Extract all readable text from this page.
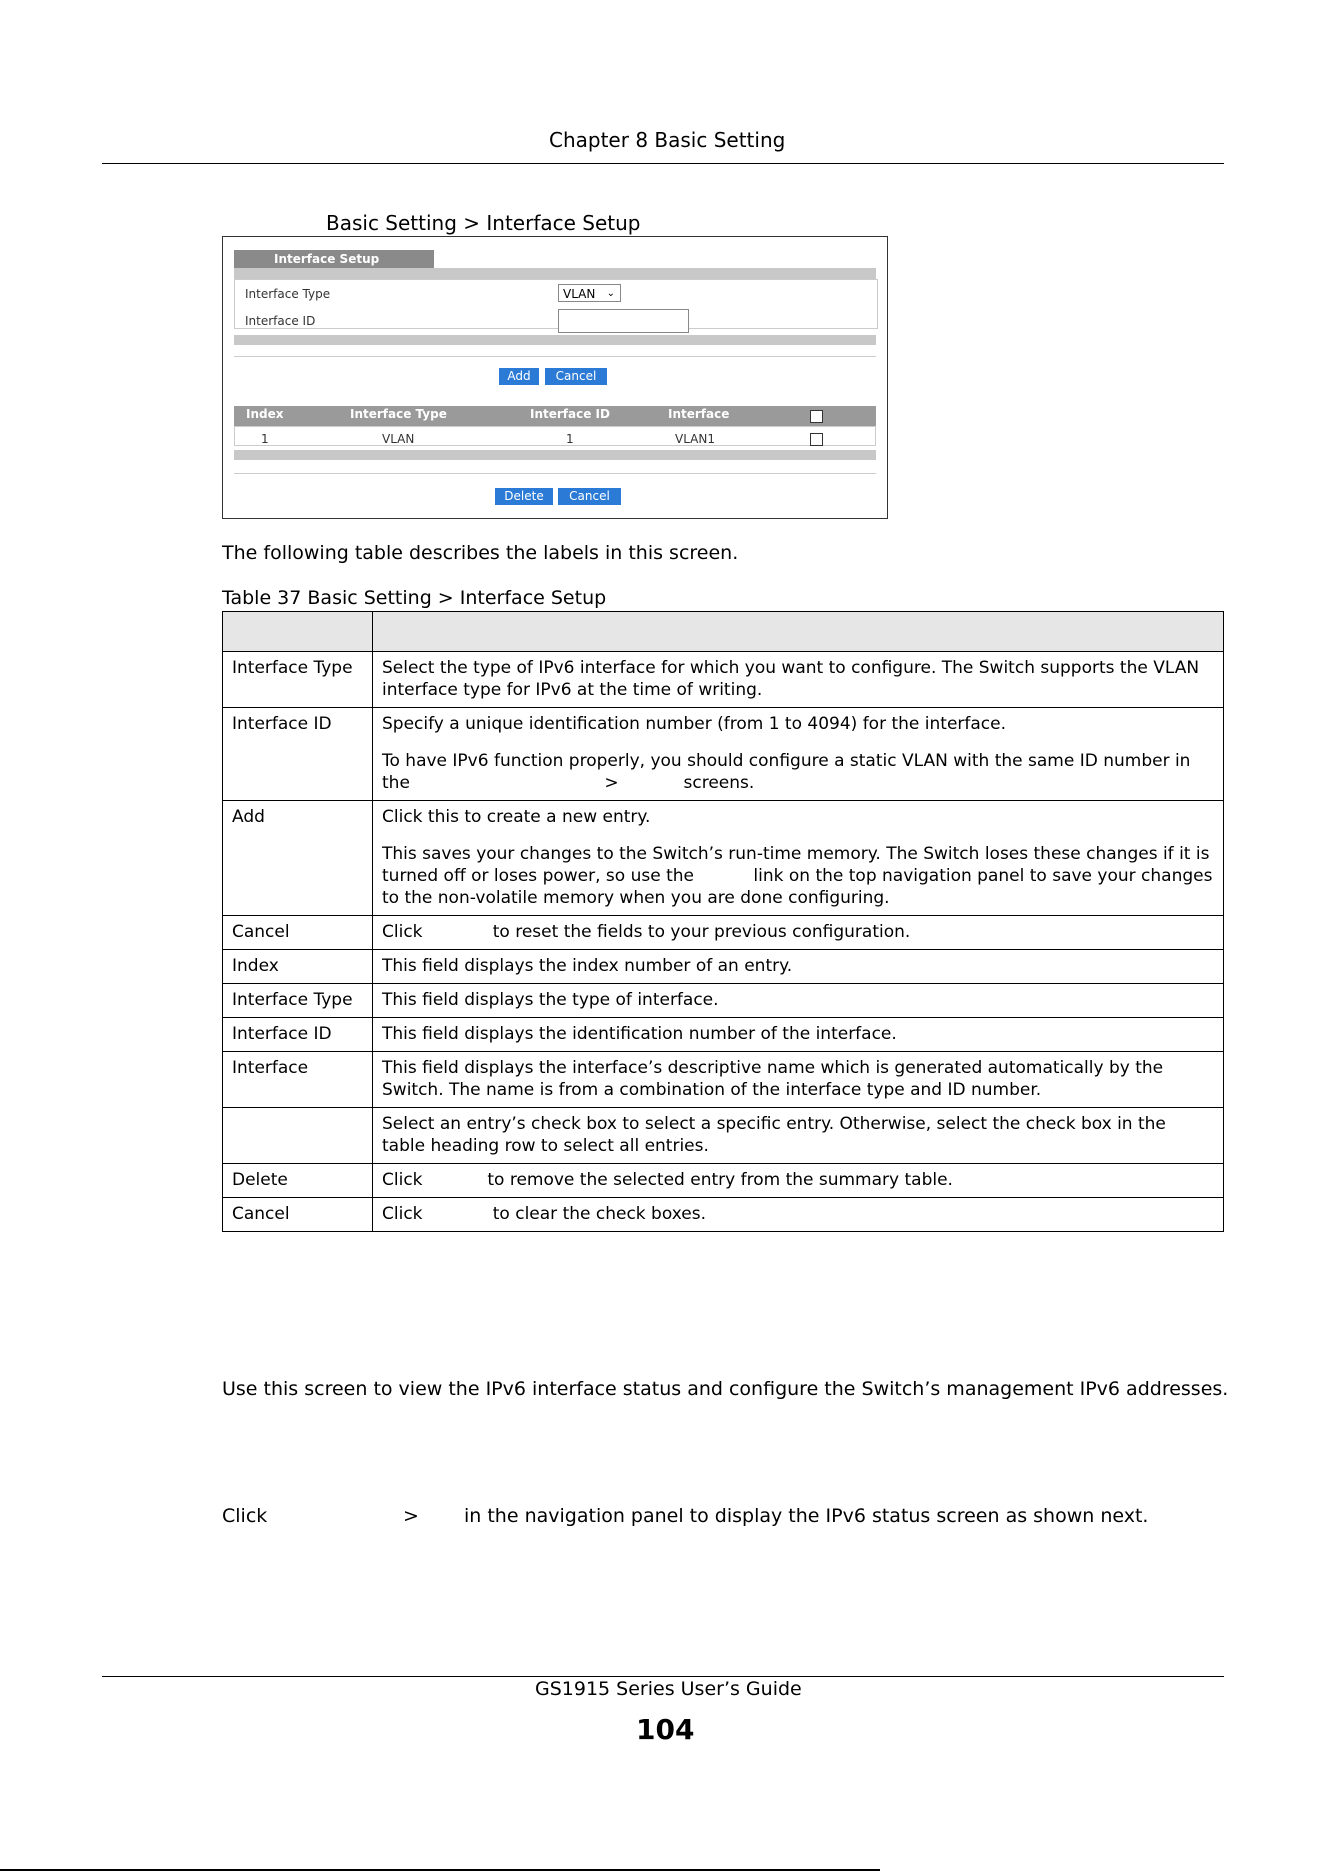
Chapter 8 Basic Setting
Basic Setting > Interface Setup
Interface Setup
Interface Type	VLAN ⌄
Interface ID
Add	Cancel
Index	Interface Type	Interface ID	Interface
1	VLAN	1	VLAN1
Delete	Cancel
The following table describes the labels in this screen.
Table 37 Basic Setting > Interface Setup

Interface Type	Select the type of IPv6 interface for which you want to configure. The Switch supports the VLAN interface type for IPv6 at the time of writing.

Interface ID	Specify a unique identification number (from 1 to 4094) for the interface.

To have IPv6 function properly, you should configure a static VLAN with the same ID number in the                                    >            screens.

Add	Click this to create a new entry.

This saves your changes to the Switch’s run-time memory. The Switch loses these changes if it is turned off or loses power, so use the           link on the top navigation panel to save your changes to the non-volatile memory when you are done configuring.

Cancel	Click             to reset the fields to your previous configuration.

Index	This field displays the index number of an entry.

Interface Type	This field displays the type of interface.

Interface ID	This field displays the identification number of the interface.

Interface	This field displays the interface’s descriptive name which is generated automatically by the Switch. The name is from a combination of the interface type and ID number.

	Select an entry’s check box to select a specific entry. Otherwise, select the check box in the table heading row to select all entries.

Delete	Click            to remove the selected entry from the summary table.

Cancel	Click             to clear the check boxes.

Use this screen to view the IPv6 interface status and configure the Switch’s management IPv6 addresses.
Click	> in the navigation panel to display the IPv6 status screen as shown next.
GS1915 Series User’s Guide
104
